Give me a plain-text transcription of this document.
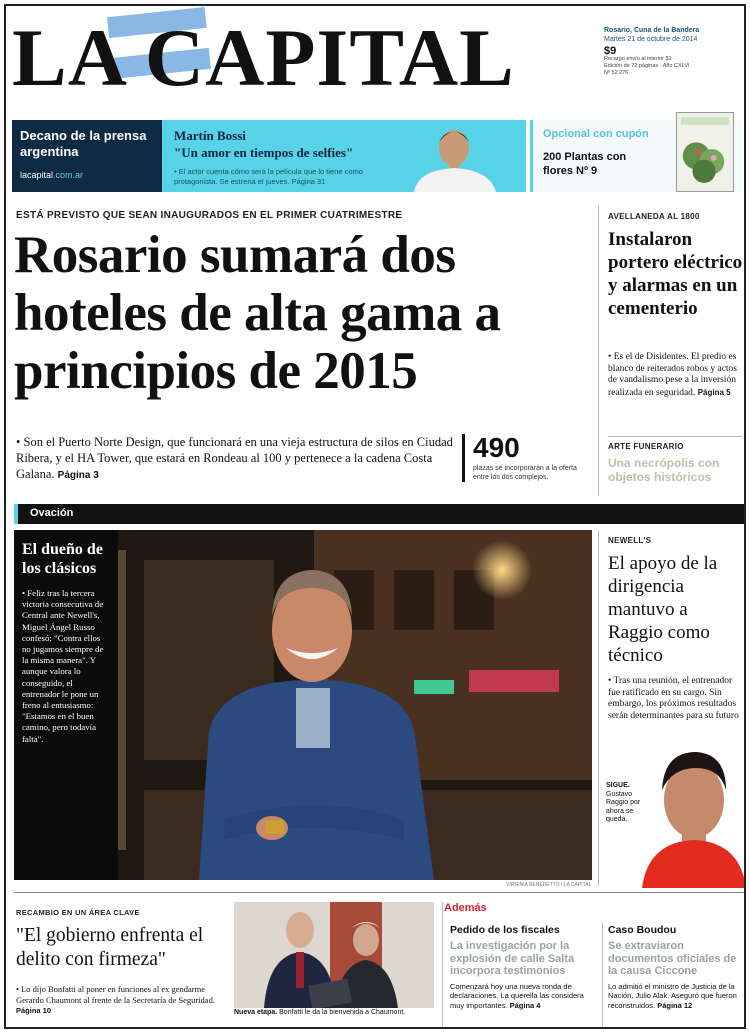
LA CAPITAL	Rosario, Cuna de la Bandera
Martes 21 de octubre de 2014
$9
Recargo envío al interior $1 · Edición de 72 páginas · Año CXLVI · Nº 52.276
Decano de la prensa argentina
lacapital.com.ar
Martín Bossi
"Un amor en tiempos de selfies"
• El actor cuenta cómo será la película que lo tiene como protagonista. Se estrena el jueves. Página 31
Opcional con cupón
200 Plantas con flores Nº 9
ESTÁ PREVISTO QUE SEAN INAUGURADOS EN EL PRIMER CUATRIMESTRE
Rosario sumará dos hoteles de alta gama a principios de 2015
• Son el Puerto Norte Design, que funcionará en una vieja estructura de silos en Ciudad Ribera, y el HA Tower, que estará en Rondeau al 100 y pertenece a la cadena Costa Galana. Página 3
490
plazas se incorporarán a la oferta entre los dos complejos.
AVELLANEDA AL 1800
Instalaron portero eléctrico y alarmas en un cementerio
• Es el de Disidentes. El predio es blanco de reiterados robos y actos de vandalismo pese a la inversión realizada en seguridad. Página 5
ARTE FUNERARIO
Una necrópolis con objetos históricos
Ovación
El dueño de los clásicos
• Feliz tras la tercera victoria consecutiva de Central ante Newell's, Miguel Ángel Russo confesó: "Contra ellos no jugamos siempre de la misma manera". Y aunque valora lo conseguido, el entrenador le pone un freno al entusiasmo: "Estamos en el buen camino, pero todavía falta".
VIRGINIA BENEDETTO / LA CAPITAL
NEWELL'S
El apoyo de la dirigencia mantuvo a Raggio como técnico
• Tras una reunión, el entrenador fue ratificado en su cargo. Sin embargo, los próximos resultados serán determinantes para su futuro
SIGUE. Gustavo Raggio por ahora se queda.
RECAMBIO EN UN ÁREA CLAVE
"El gobierno enfrenta el delito con firmeza"
• Lo dijo Bonfatti al poner en funciones al ex gendarme Gerardo Chaumont al frente de la Secretaría de Seguridad. Página 10	Nueva etapa. Bonfatti le da la bienvenida a Chaumont.
Además
Pedido de los fiscales
La investigación por la explosión de calle Salta incorpora testimonios
Comenzará hoy una nueva ronda de declaraciones. La querella las considera muy importantes. Página 4
Caso Boudou
Se extraviaron documentos oficiales de la causa Ciccone
Lo admitió el ministro de Justicia de la Nación, Julio Alak. Aseguró que fueron reconstruidos. Página 12
